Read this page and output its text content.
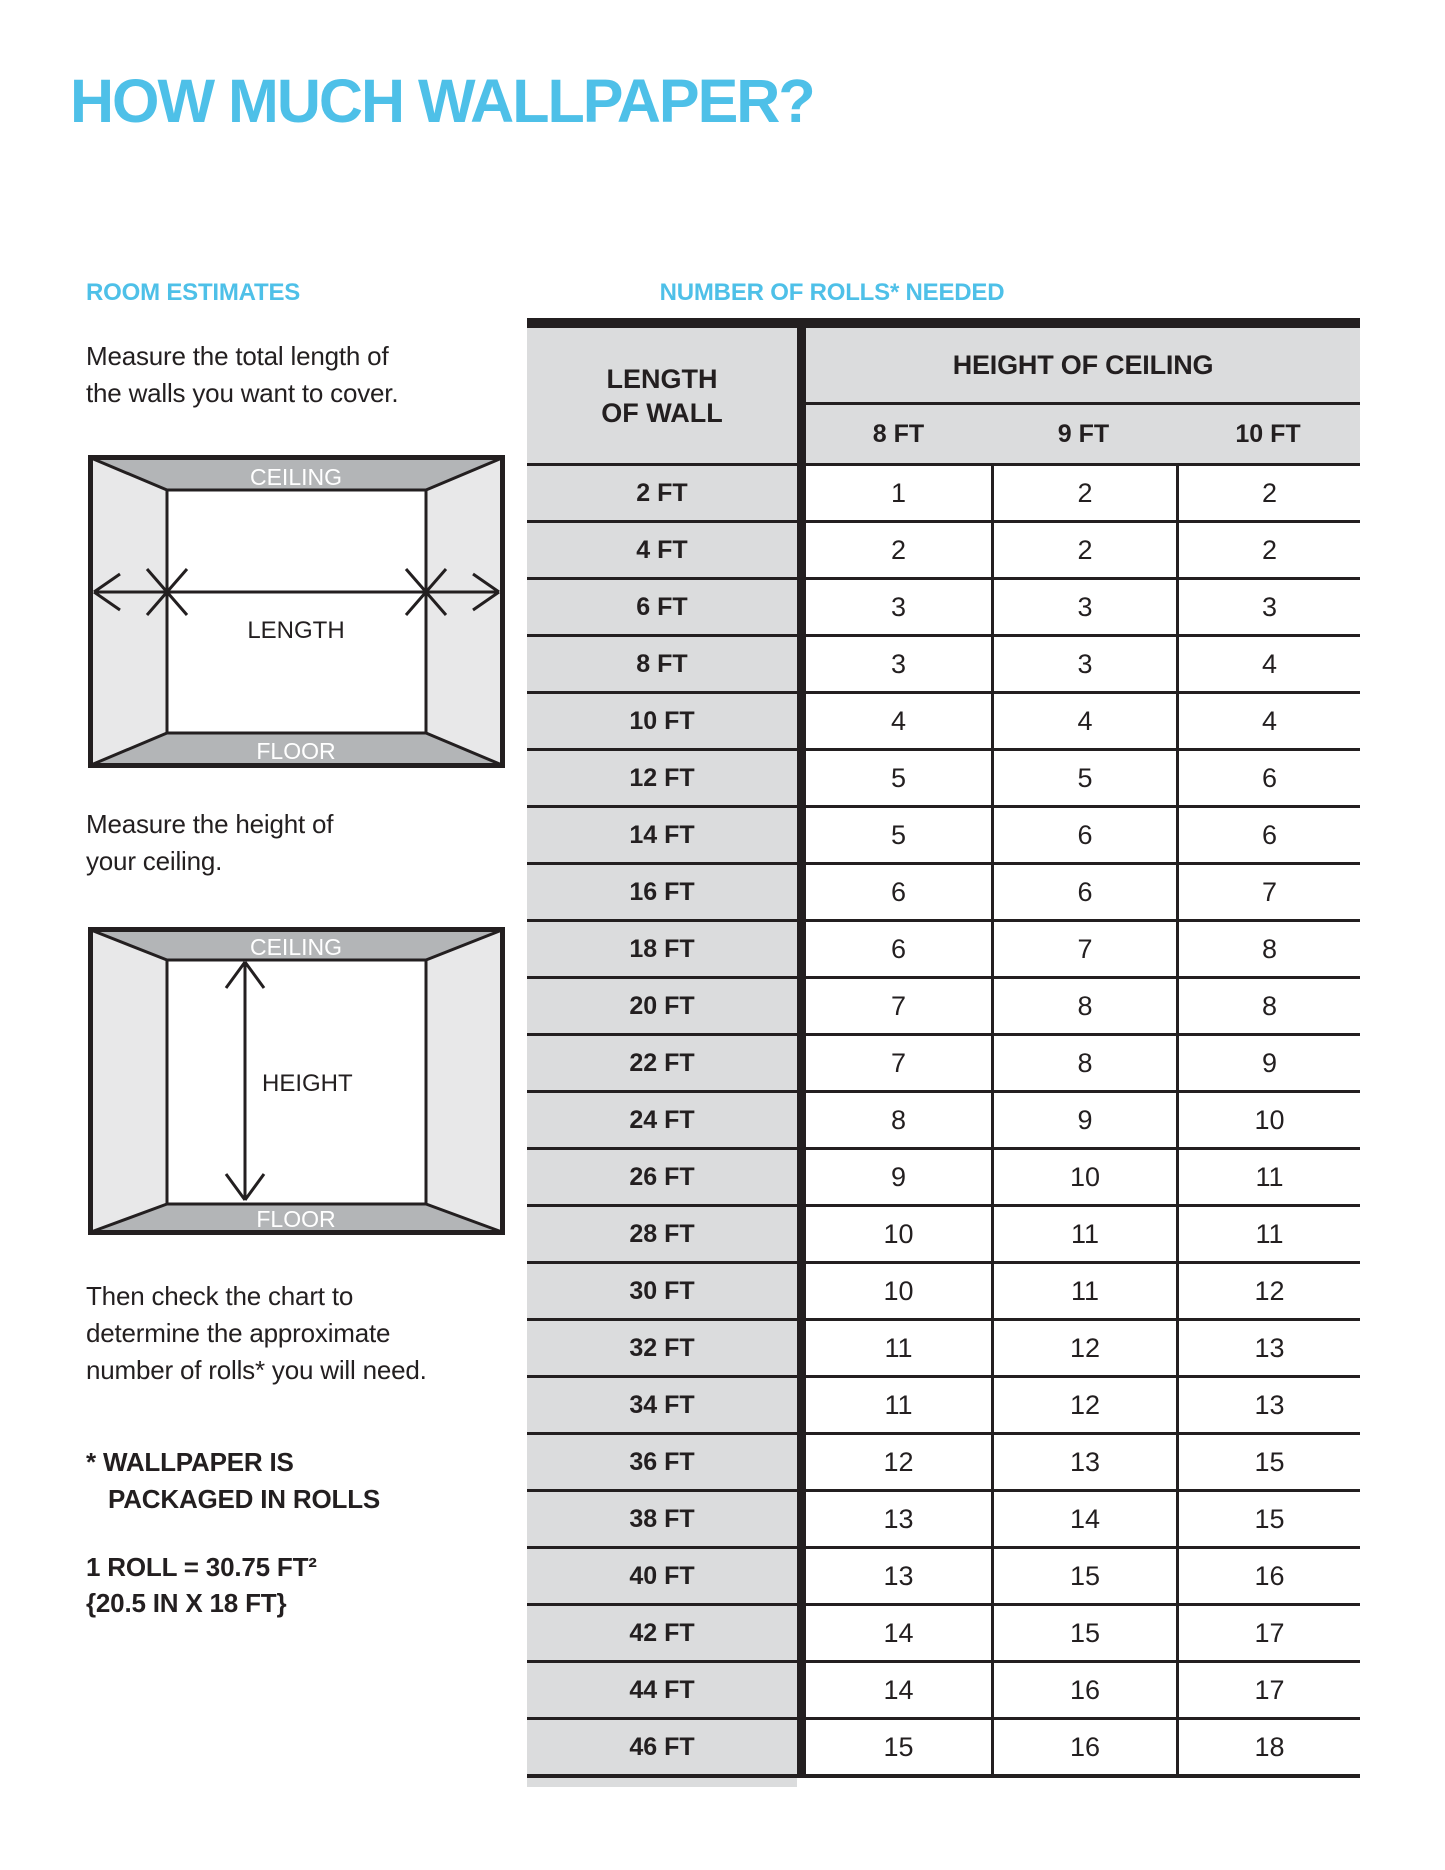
HOW MUCH WALLPAPER?
ROOM ESTIMATES	NUMBER OF ROLLS* NEEDED
Measure the total length of
the walls you want to cover.
CEILING
FLOOR
LENGTH
Measure the height of
your ceiling.
CEILING
FLOOR
HEIGHT
Then check the chart to
determine the approximate
number of rolls* you will need.
* WALLPAPER IS
PACKAGED IN ROLLS
1 ROLL = 30.75 FT²
{20.5 IN X 18 FT}
LENGTH
OF WALL
HEIGHT OF CEILING
8 FT	9 FT	10 FT
2 FT	1	2	2
4 FT	2	2	2
6 FT	3	3	3
8 FT	3	3	4
10 FT	4	4	4
12 FT	5	5	6
14 FT	5	6	6
16 FT	6	6	7
18 FT	6	7	8
20 FT	7	8	8
22 FT	7	8	9
24 FT	8	9	10
26 FT	9	10	11
28 FT	10	11	11
30 FT	10	11	12
32 FT	11	12	13
34 FT	11	12	13
36 FT	12	13	15
38 FT	13	14	15
40 FT	13	15	16
42 FT	14	15	17
44 FT	14	16	17
46 FT	15	16	18
